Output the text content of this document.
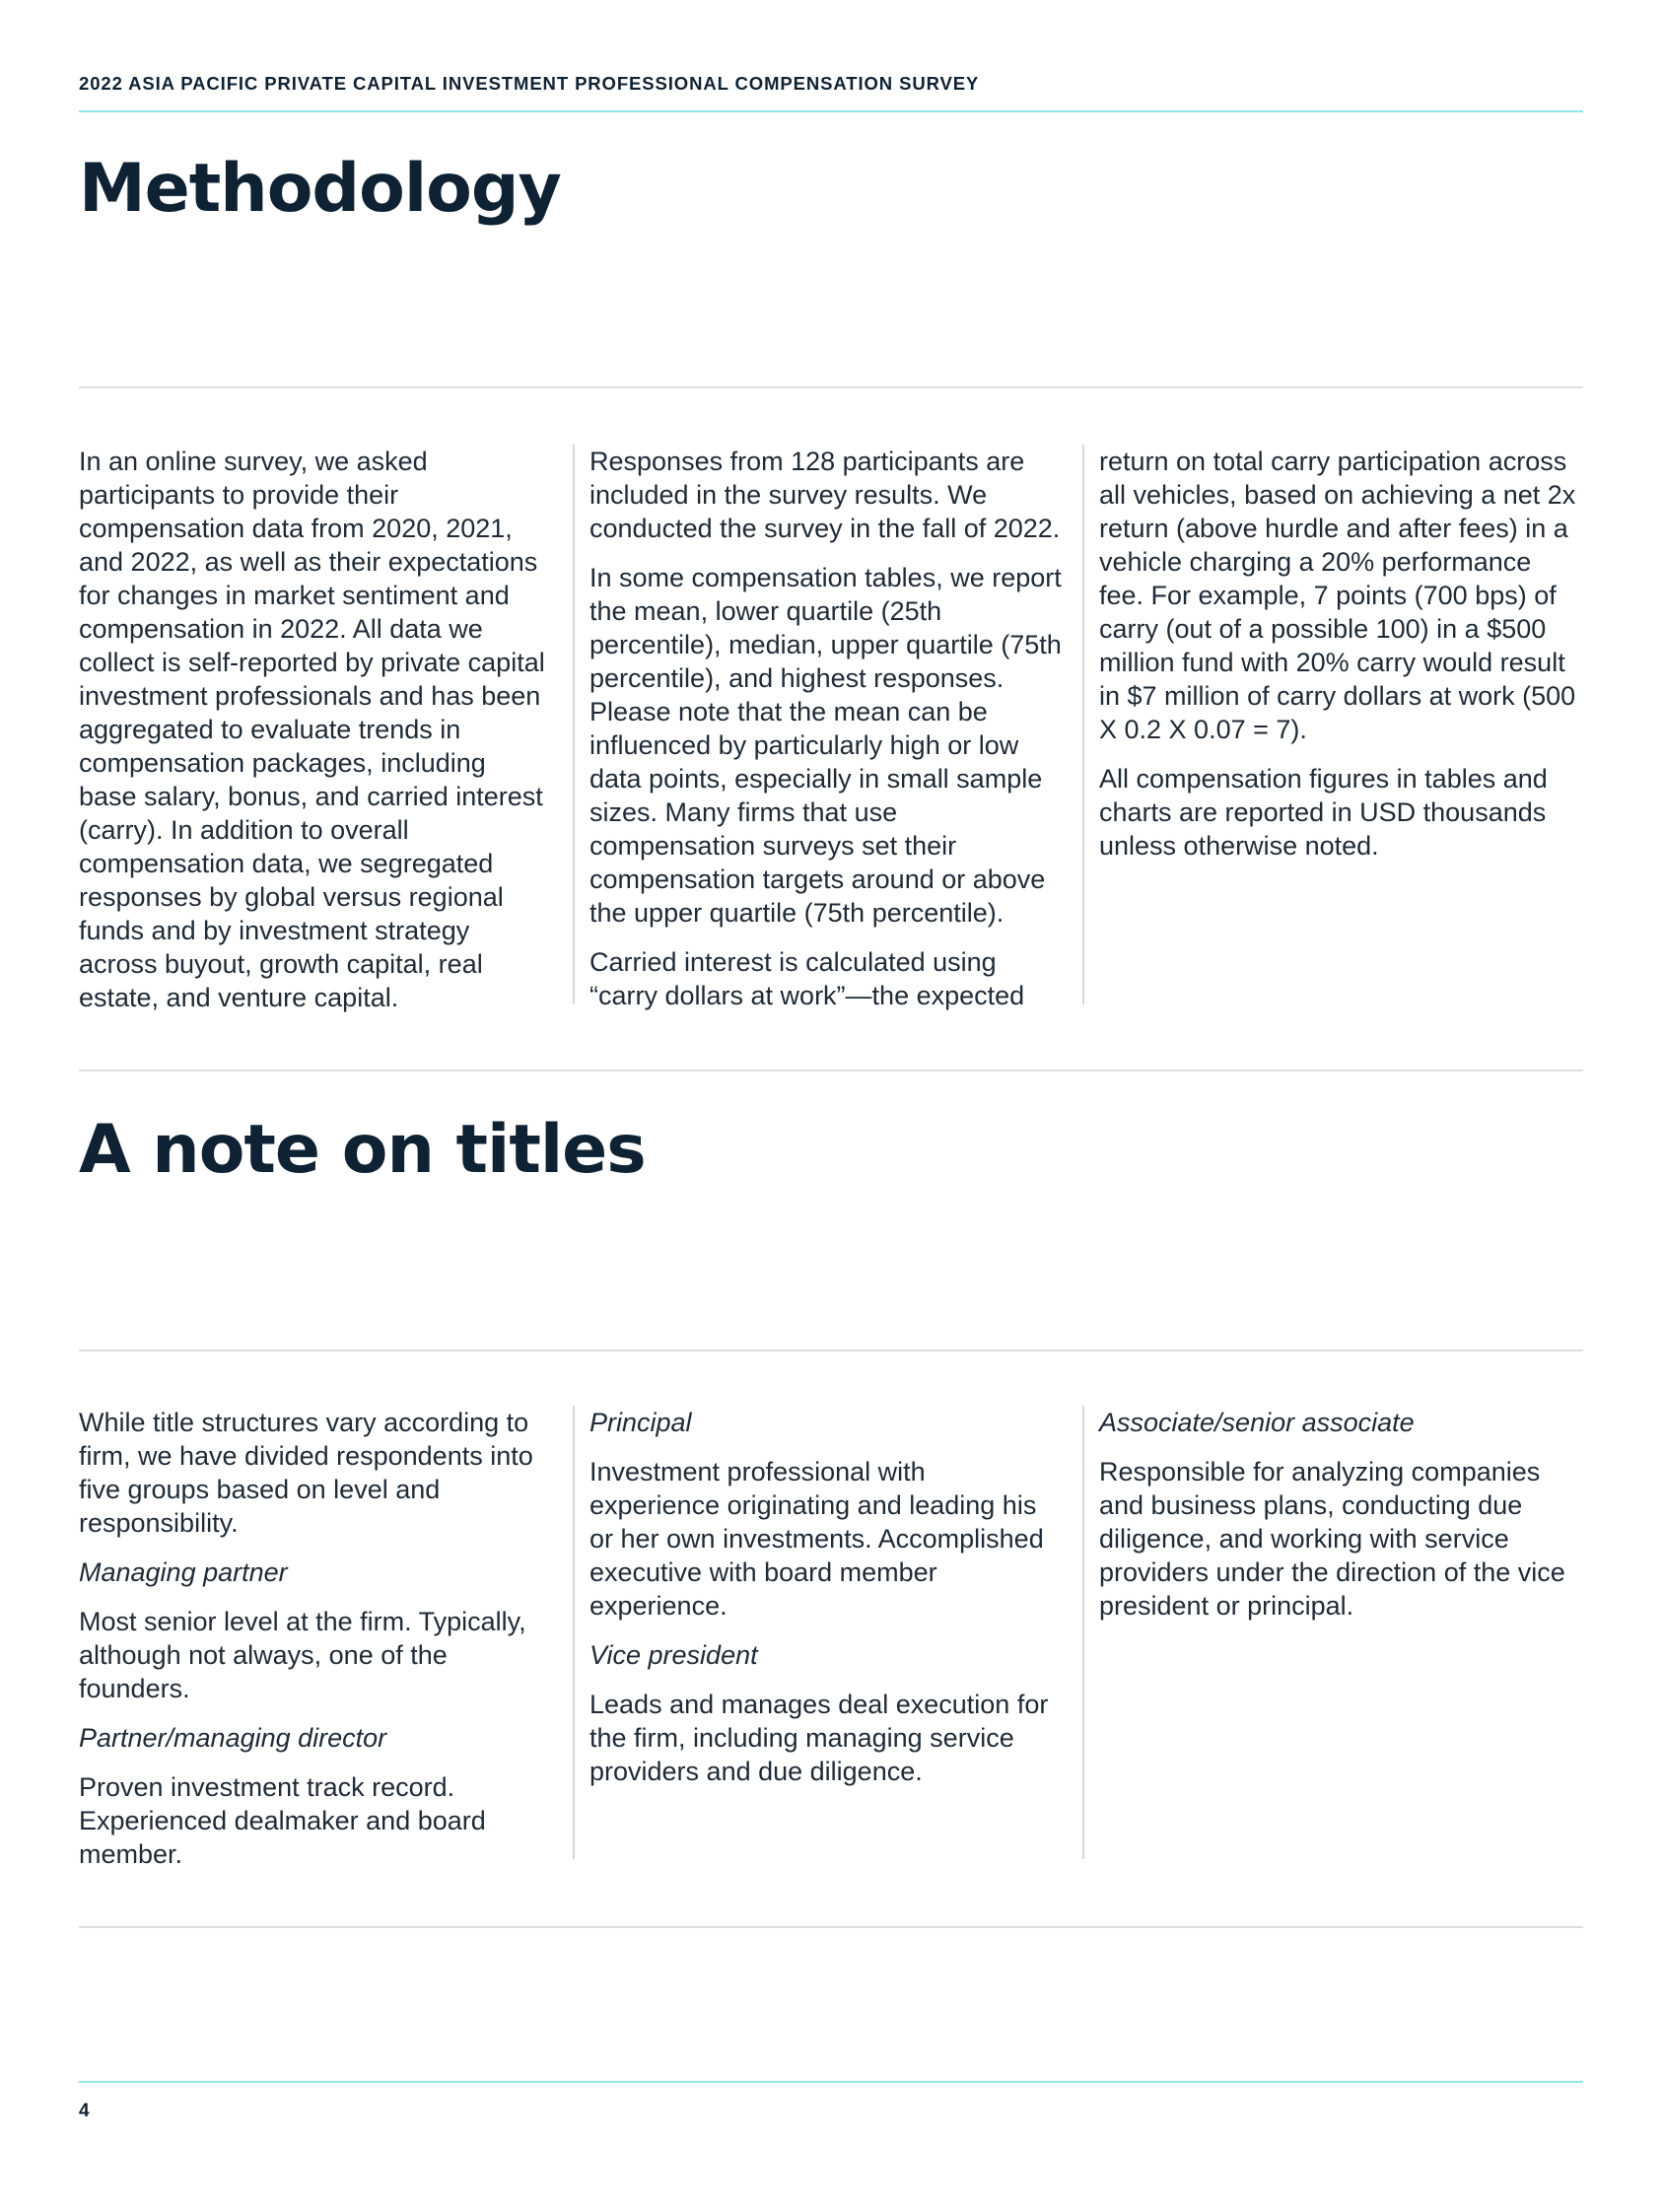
2022 ASIA PACIFIC PRIVATE CAPITAL INVESTMENT PROFESSIONAL COMPENSATION SURVEY
Methodology

In an online survey, we asked participants to provide their compensation data from 2020, 2021, and 2022, as well as their expectations for changes in market sentiment and compensation in 2022. All data we collect is self-reported by private capital investment professionals and has been aggregated to evaluate trends in compensation packages, including base salary, bonus, and carried interest (carry). In addition to overall compensation data, we segregated responses by global versus regional funds and by investment strategy across buyout, growth capital, real estate, and venture capital.

Responses from 128 participants are included in the survey results. We conducted the survey in the fall of 2022.

In some compensation tables, we report the mean, lower quartile (25th percentile), median, upper quartile (75th percentile), and highest responses. Please note that the mean can be influenced by particularly high or low data points, especially in small sample sizes. Many firms that use compensation surveys set their compensation targets around or above the upper quartile (75th percentile).

Carried interest is calculated using “carry dollars at work”—the expected

return on total carry participation across all vehicles, based on achieving a net 2x return (above hurdle and after fees) in a vehicle charging a 20% performance fee. For example, 7 points (700 bps) of carry (out of a possible 100) in a $500 million fund with 20% carry would result in $7 million of carry dollars at work (500 X 0.2 X 0.07 = 7).

All compensation figures in tables and charts are reported in USD thousands unless otherwise noted.

A note on titles

While title structures vary according to firm, we have divided respondents into five groups based on level and responsibility.

Managing partner

Most senior level at the firm. Typically, although not always, one of the founders.

Partner/managing director

Proven investment track record. Experienced dealmaker and board member.

Principal

Investment professional with experience originating and leading his or her own investments. Accomplished executive with board member experience.

Vice president

Leads and manages deal execution for the firm, including managing service providers and due diligence.

Associate/senior associate

Responsible for analyzing companies and business plans, conducting due diligence, and working with service providers under the direction of the vice president or principal.

4
